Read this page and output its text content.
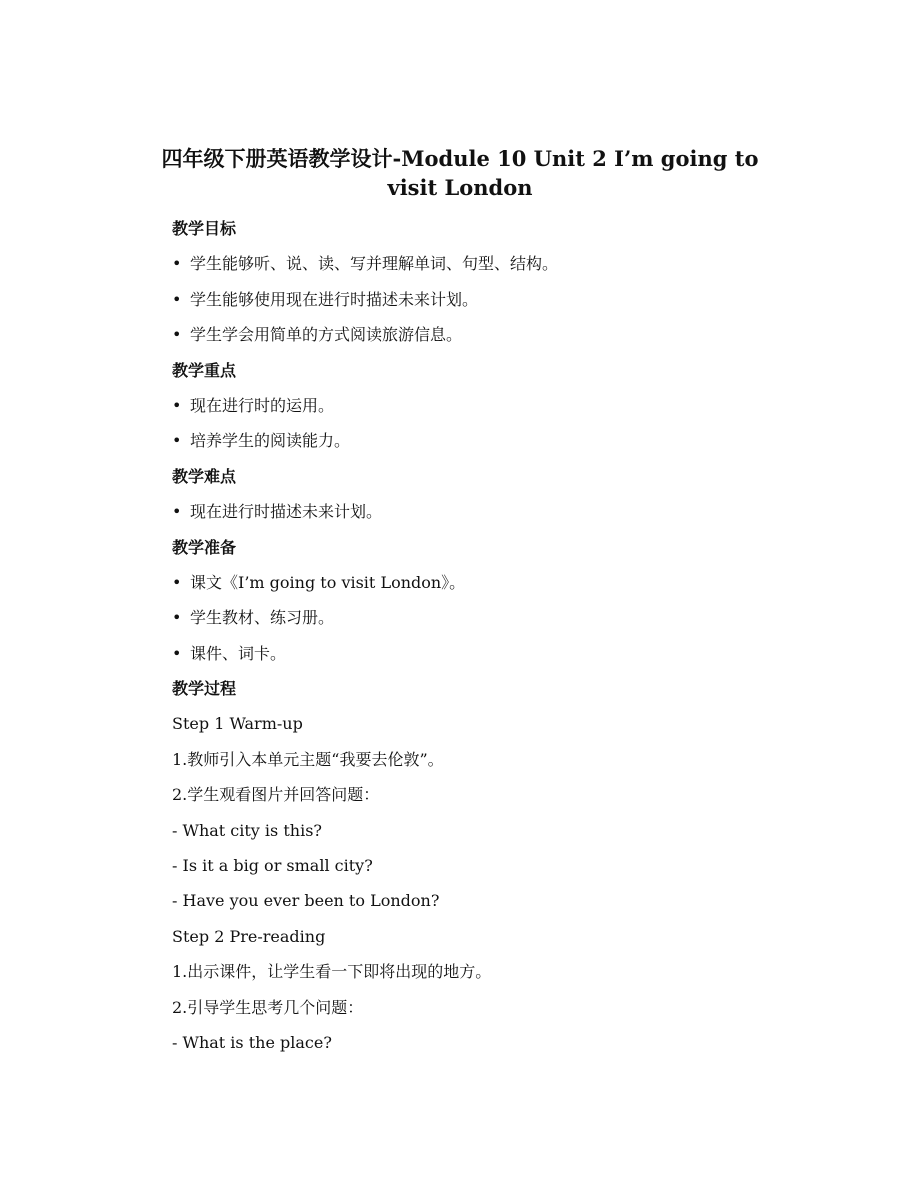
四年级下册英语教学设计-Module 10 Unit 2 I’m going to
visit London
教学目标
• 学生能够听、说、读、写并理解单词、句型、结构。
• 学生能够使用现在进行时描述未来计划。
• 学生学会用简单的方式阅读旅游信息。
教学重点
• 现在进行时的运用。
• 培养学生的阅读能力。
教学难点
• 现在进行时描述未来计划。
教学准备
• 课文《I’m going to visit London》。
• 学生教材、练习册。
• 课件、词卡。
教学过程
Step 1 Warm-up
1.教师引入本单元主题“我要去伦敦”。
2.学生观看图片并回答问题：
- What city is this?
- Is it a big or small city?
- Have you ever been to London?
Step 2 Pre-reading
1.出示课件，让学生看一下即将出现的地方。
2.引导学生思考几个问题：
- What is the place?
